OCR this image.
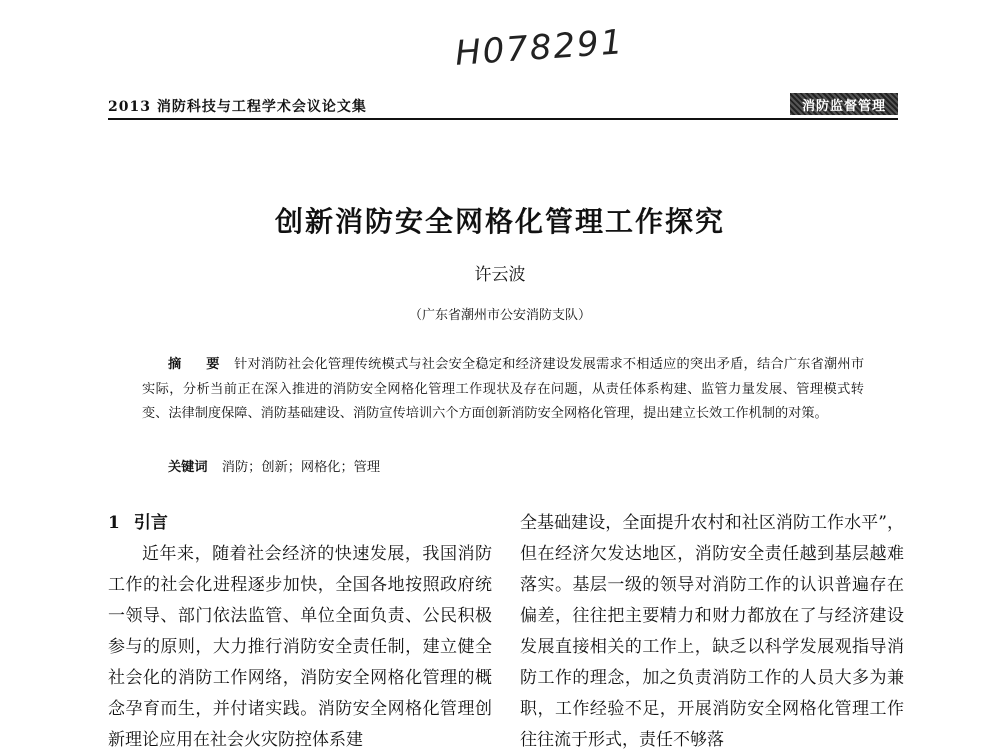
H078291
2013 消防科技与工程学术会议论文集	消防监督管理
创新消防安全网格化管理工作探究
许云波
（广东省潮州市公安消防支队）
摘 要 针对消防社会化管理传统模式与社会安全稳定和经济建设发展需求不相适应的突出矛盾，结合广东省潮州市实际，分析当前正在深入推进的消防安全网格化管理工作现状及存在问题，从责任体系构建、监管力量发展、管理模式转变、法律制度保障、消防基础建设、消防宣传培训六个方面创新消防安全网格化管理，提出建立长效工作机制的对策。
关键词 消防；创新；网格化；管理
1 引言

近年来，随着社会经济的快速发展，我国消防工作的社会化进程逐步加快，全国各地按照政府统一领导、部门依法监管、单位全面负责、公民积极参与的原则，大力推行消防安全责任制，建立健全社会化的消防工作网络，消防安全网格化管理的概念孕育而生，并付诸实践。消防安全网格化管理创新理论应用在社会火灾防控体系建

全基础建设，全面提升农村和社区消防工作水平”，但在经济欠发达地区，消防安全责任越到基层越难落实。基层一级的领导对消防工作的认识普遍存在偏差，往往把主要精力和财力都放在了与经济建设发展直接相关的工作上，缺乏以科学发展观指导消防工作的理念，加之负责消防工作的人员大多为兼职，工作经验不足，开展消防安全网格化管理工作往往流于形式，责任不够落
